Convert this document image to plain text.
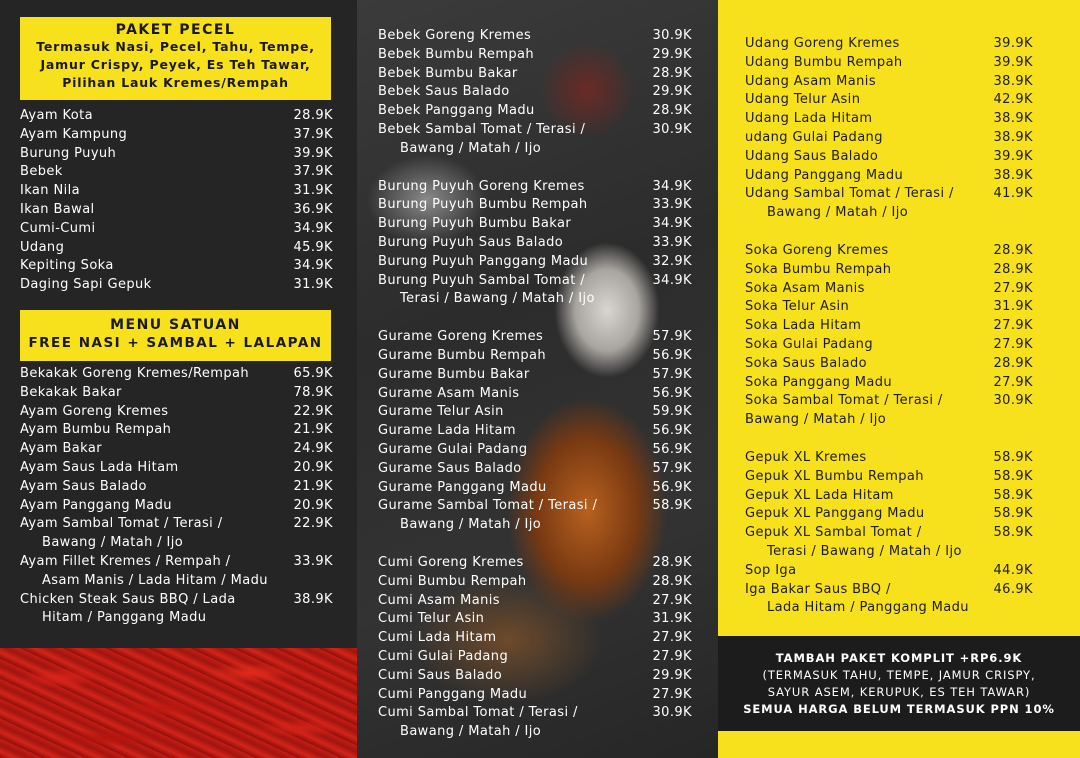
PAKET PECEL
Termasuk Nasi, Pecel, Tahu, Tempe,
Jamur Crispy, Peyek, Es Teh Tawar,
Pilihan Lauk Kremes/Rempah
Ayam Kota	28.9K
Ayam Kampung	37.9K
Burung Puyuh	39.9K
Bebek	37.9K
Ikan Nila	31.9K
Ikan Bawal	36.9K
Cumi-Cumi	34.9K
Udang	45.9K
Kepiting Soka	34.9K
Daging Sapi Gepuk	31.9K
MENU SATUAN
FREE NASI + SAMBAL + LALAPAN
Bekakak Goreng Kremes/Rempah	65.9K
Bekakak Bakar	78.9K
Ayam Goreng Kremes	22.9K
Ayam Bumbu Rempah	21.9K
Ayam Bakar	24.9K
Ayam Saus Lada Hitam	20.9K
Ayam Saus Balado	21.9K
Ayam Panggang Madu	20.9K
Ayam Sambal Tomat / Terasi /	22.9K
Bawang / Matah / Ijo
Ayam Fillet Kremes / Rempah /	33.9K
Asam Manis / Lada Hitam / Madu
Chicken Steak Saus BBQ / Lada	38.9K
Hitam / Panggang Madu
Bebek Goreng Kremes	30.9K
Bebek Bumbu Rempah	29.9K
Bebek Bumbu Bakar	28.9K
Bebek Saus Balado	29.9K
Bebek Panggang Madu	28.9K
Bebek Sambal Tomat / Terasi /	30.9K
Bawang / Matah / Ijo
Burung Puyuh Goreng Kremes	34.9K
Burung Puyuh Bumbu Rempah	33.9K
Burung Puyuh Bumbu Bakar	34.9K
Burung Puyuh Saus Balado	33.9K
Burung Puyuh Panggang Madu	32.9K
Burung Puyuh Sambal Tomat /	34.9K
Terasi / Bawang / Matah / Ijo
Gurame Goreng Kremes	57.9K
Gurame Bumbu Rempah	56.9K
Gurame Bumbu Bakar	57.9K
Gurame Asam Manis	56.9K
Gurame Telur Asin	59.9K
Gurame Lada Hitam	56.9K
Gurame Gulai Padang	56.9K
Gurame Saus Balado	57.9K
Gurame Panggang Madu	56.9K
Gurame Sambal Tomat / Terasi /	58.9K
Bawang / Matah / Ijo
Cumi Goreng Kremes	28.9K
Cumi Bumbu Rempah	28.9K
Cumi Asam Manis	27.9K
Cumi Telur Asin	31.9K
Cumi Lada Hitam	27.9K
Cumi Gulai Padang	27.9K
Cumi Saus Balado	29.9K
Cumi Panggang Madu	27.9K
Cumi Sambal Tomat / Terasi /	30.9K
Bawang / Matah / Ijo
Udang Goreng Kremes	39.9K
Udang Bumbu Rempah	39.9K
Udang Asam Manis	38.9K
Udang Telur Asin	42.9K
Udang Lada Hitam	38.9K
udang Gulai Padang	38.9K
Udang Saus Balado	39.9K
Udang Panggang Madu	38.9K
Udang Sambal Tomat / Terasi /	41.9K
Bawang / Matah / Ijo
Soka Goreng Kremes	28.9K
Soka Bumbu Rempah	28.9K
Soka Asam Manis	27.9K
Soka Telur Asin	31.9K
Soka Lada Hitam	27.9K
Soka Gulai Padang	27.9K
Soka Saus Balado	28.9K
Soka Panggang Madu	27.9K
Soka Sambal Tomat / Terasi /	30.9K
Bawang / Matah / Ijo
Gepuk XL Kremes	58.9K
Gepuk XL Bumbu Rempah	58.9K
Gepuk XL Lada Hitam	58.9K
Gepuk XL Panggang Madu	58.9K
Gepuk XL Sambal Tomat /	58.9K
Terasi / Bawang / Matah / Ijo
Sop Iga	44.9K
Iga Bakar Saus BBQ /	46.9K
Lada Hitam / Panggang Madu
TAMBAH PAKET KOMPLIT +RP6.9K
(TERMASUK TAHU, TEMPE, JAMUR CRISPY,
SAYUR ASEM, KERUPUK, ES TEH TAWAR)
SEMUA HARGA BELUM TERMASUK PPN 10%
